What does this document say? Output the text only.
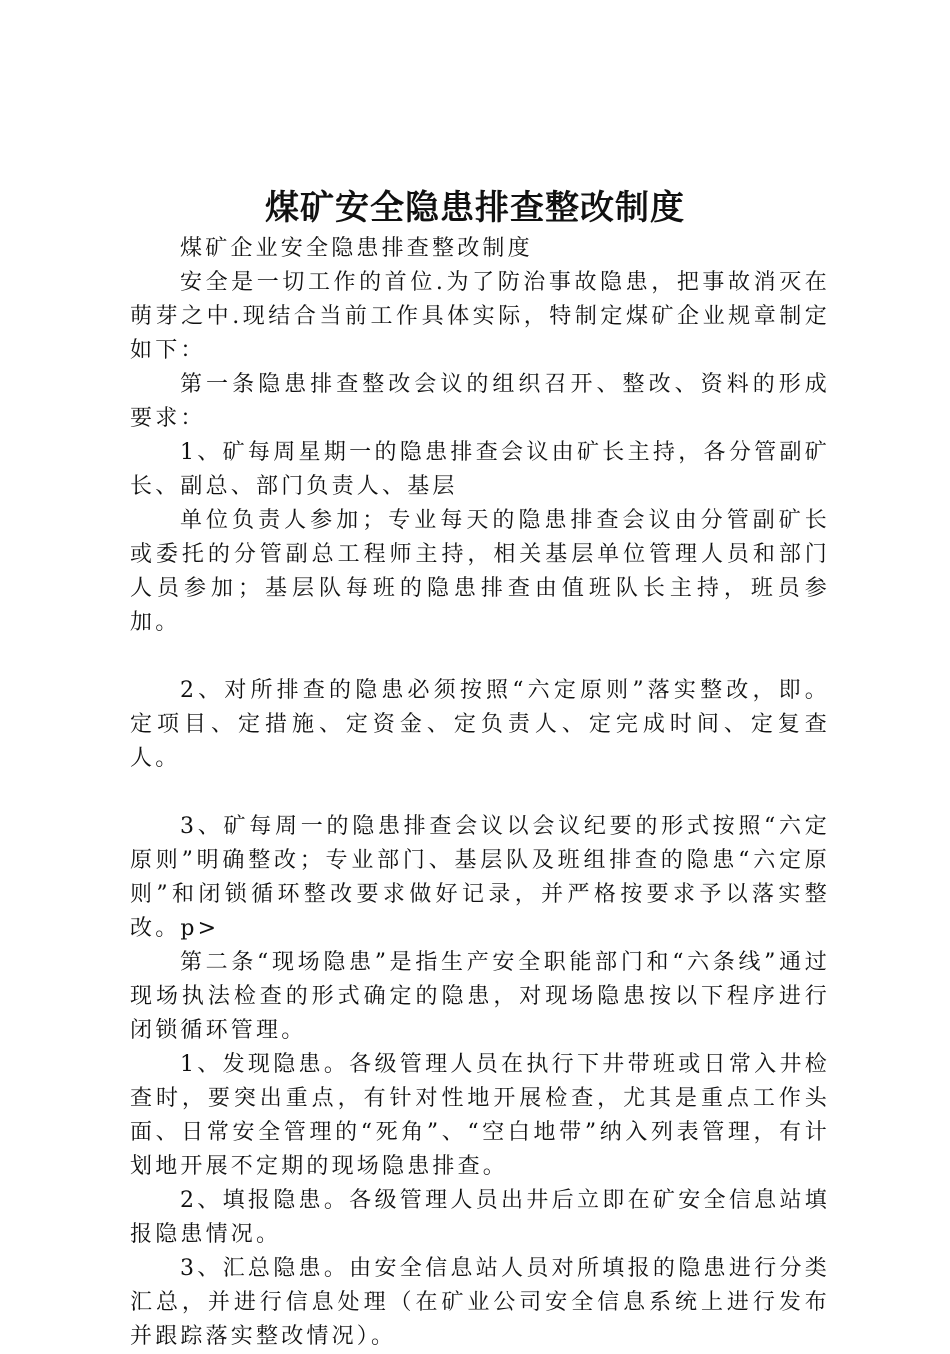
煤矿安全隐患排查整改制度

煤矿企业安全隐患排查整改制度

安全是一切工作的首位.为了防治事故隐患，把事故消灭在萌芽之中.现结合当前工作具体实际，特制定煤矿企业规章制定如下：

第一条隐患排查整改会议的组织召开、整改、资料的形成要求：

1、矿每周星期一的隐患排查会议由矿长主持，各分管副矿长、副总、部门负责人、基层

单位负责人参加；专业每天的隐患排查会议由分管副矿长或委托的分管副总工程师主持，相关基层单位管理人员和部门人员参加；基层队每班的隐患排查由值班队长主持，班员参加。

2、对所排查的隐患必须按照“六定原则”落实整改，即。定项目、定措施、定资金、定负责人、定完成时间、定复查人。

3、矿每周一的隐患排查会议以会议纪要的形式按照“六定原则”明确整改；专业部门、基层队及班组排查的隐患“六定原则”和闭锁循环整改要求做好记录，并严格按要求予以落实整改。p>

第二条“现场隐患”是指生产安全职能部门和“六条线”通过现场执法检查的形式确定的隐患，对现场隐患按以下程序进行闭锁循环管理。

1、发现隐患。各级管理人员在执行下井带班或日常入井检查时，要突出重点，有针对性地开展检查，尤其是重点工作头面、日常安全管理的“死角”、“空白地带”纳入列表管理，有计划地开展不定期的现场隐患排查。

2、填报隐患。各级管理人员出井后立即在矿安全信息站填报隐患情况。

3、汇总隐患。由安全信息站人员对所填报的隐患进行分类汇总，并进行信息处理（在矿业公司安全信息系统上进行发布并跟踪落实整改情况）。
